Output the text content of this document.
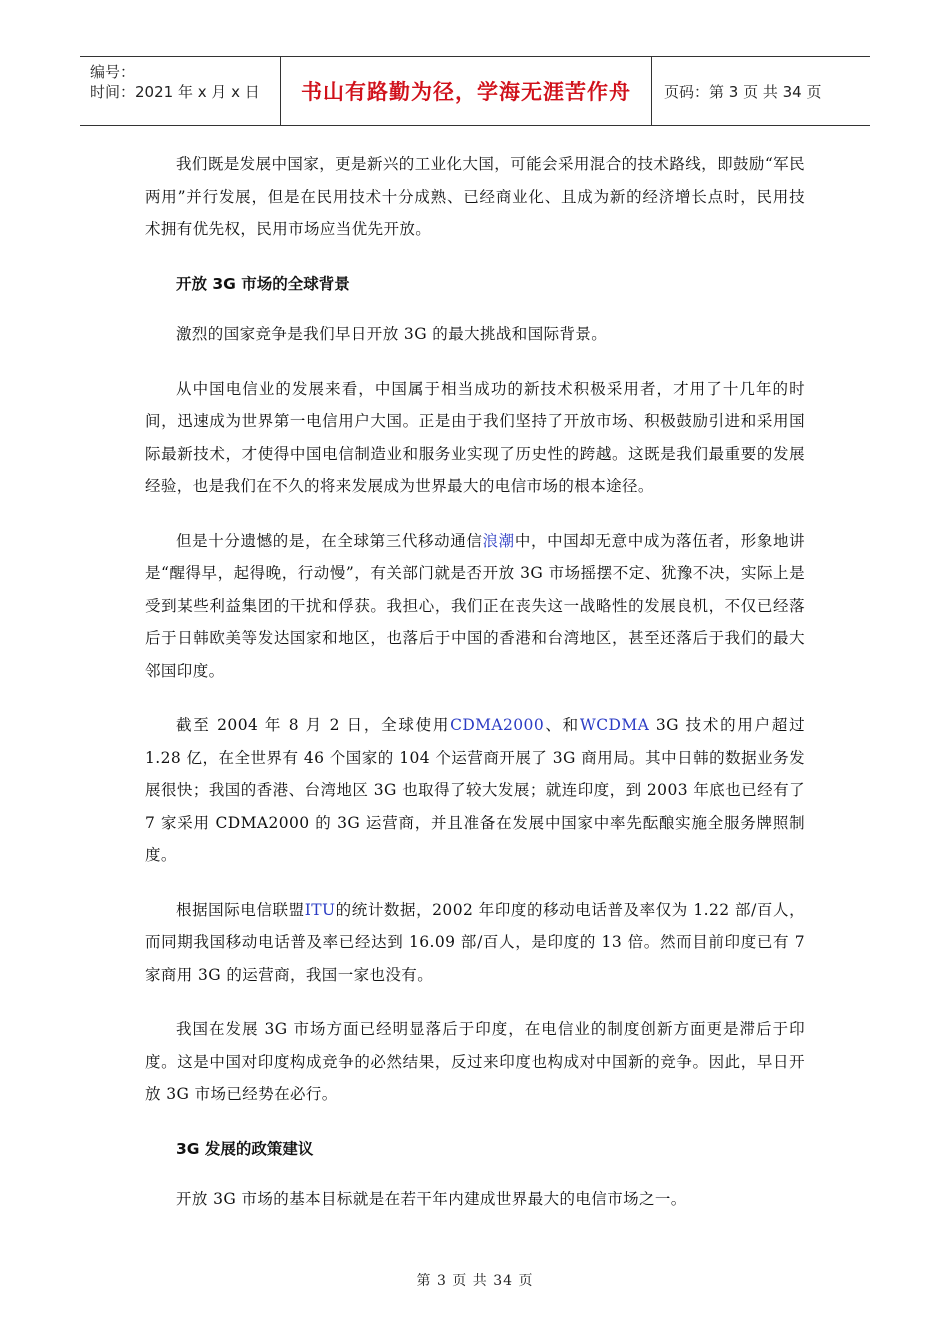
编号：
时间：2021 年 x 月 x 日 书山有路勤为径，学海无涯苦作舟 页码：第 3 页 共 34 页

我们既是发展中国家，更是新兴的工业化大国，可能会采用混合的技术路线，即鼓励“军民两用”并行发展，但是在民用技术十分成熟、已经商业化、且成为新的经济增长点时，民用技术拥有优先权，民用市场应当优先开放。

开放 3G 市场的全球背景

激烈的国家竞争是我们早日开放 3G 的最大挑战和国际背景。

从中国电信业的发展来看，中国属于相当成功的新技术积极采用者，才用了十几年的时间，迅速成为世界第一电信用户大国。正是由于我们坚持了开放市场、积极鼓励引进和采用国际最新技术，才使得中国电信制造业和服务业实现了历史性的跨越。这既是我们最重要的发展经验，也是我们在不久的将来发展成为世界最大的电信市场的根本途径。

但是十分遗憾的是，在全球第三代移动通信浪潮中，中国却无意中成为落伍者，形象地讲是“醒得早，起得晚，行动慢”，有关部门就是否开放 3G 市场摇摆不定、犹豫不决，实际上是受到某些利益集团的干扰和俘获。我担心，我们正在丧失这一战略性的发展良机，不仅已经落后于日韩欧美等发达国家和地区，也落后于中国的香港和台湾地区，甚至还落后于我们的最大邻国印度。

截至 2004 年 8 月 2 日，全球使用CDMA2000、和WCDMA 3G 技术的用户超过 1.28 亿，在全世界有 46 个国家的 104 个运营商开展了 3G 商用局。其中日韩的数据业务发展很快；我国的香港、台湾地区 3G 也取得了较大发展；就连印度，到 2003 年底也已经有了 7 家采用 CDMA2000 的 3G 运营商，并且准备在发展中国家中率先酝酿实施全服务牌照制度。

根据国际电信联盟ITU的统计数据，2002 年印度的移动电话普及率仅为 1.22 部/百人，而同期我国移动电话普及率已经达到 16.09 部/百人，是印度的 13 倍。然而目前印度已有 7 家商用 3G 的运营商，我国一家也没有。

我国在发展 3G 市场方面已经明显落后于印度，在电信业的制度创新方面更是滞后于印度。这是中国对印度构成竞争的必然结果，反过来印度也构成对中国新的竞争。因此，早日开放 3G 市场已经势在必行。

3G 发展的政策建议

开放 3G 市场的基本目标就是在若干年内建成世界最大的电信市场之一。

第 3 页 共 34 页
